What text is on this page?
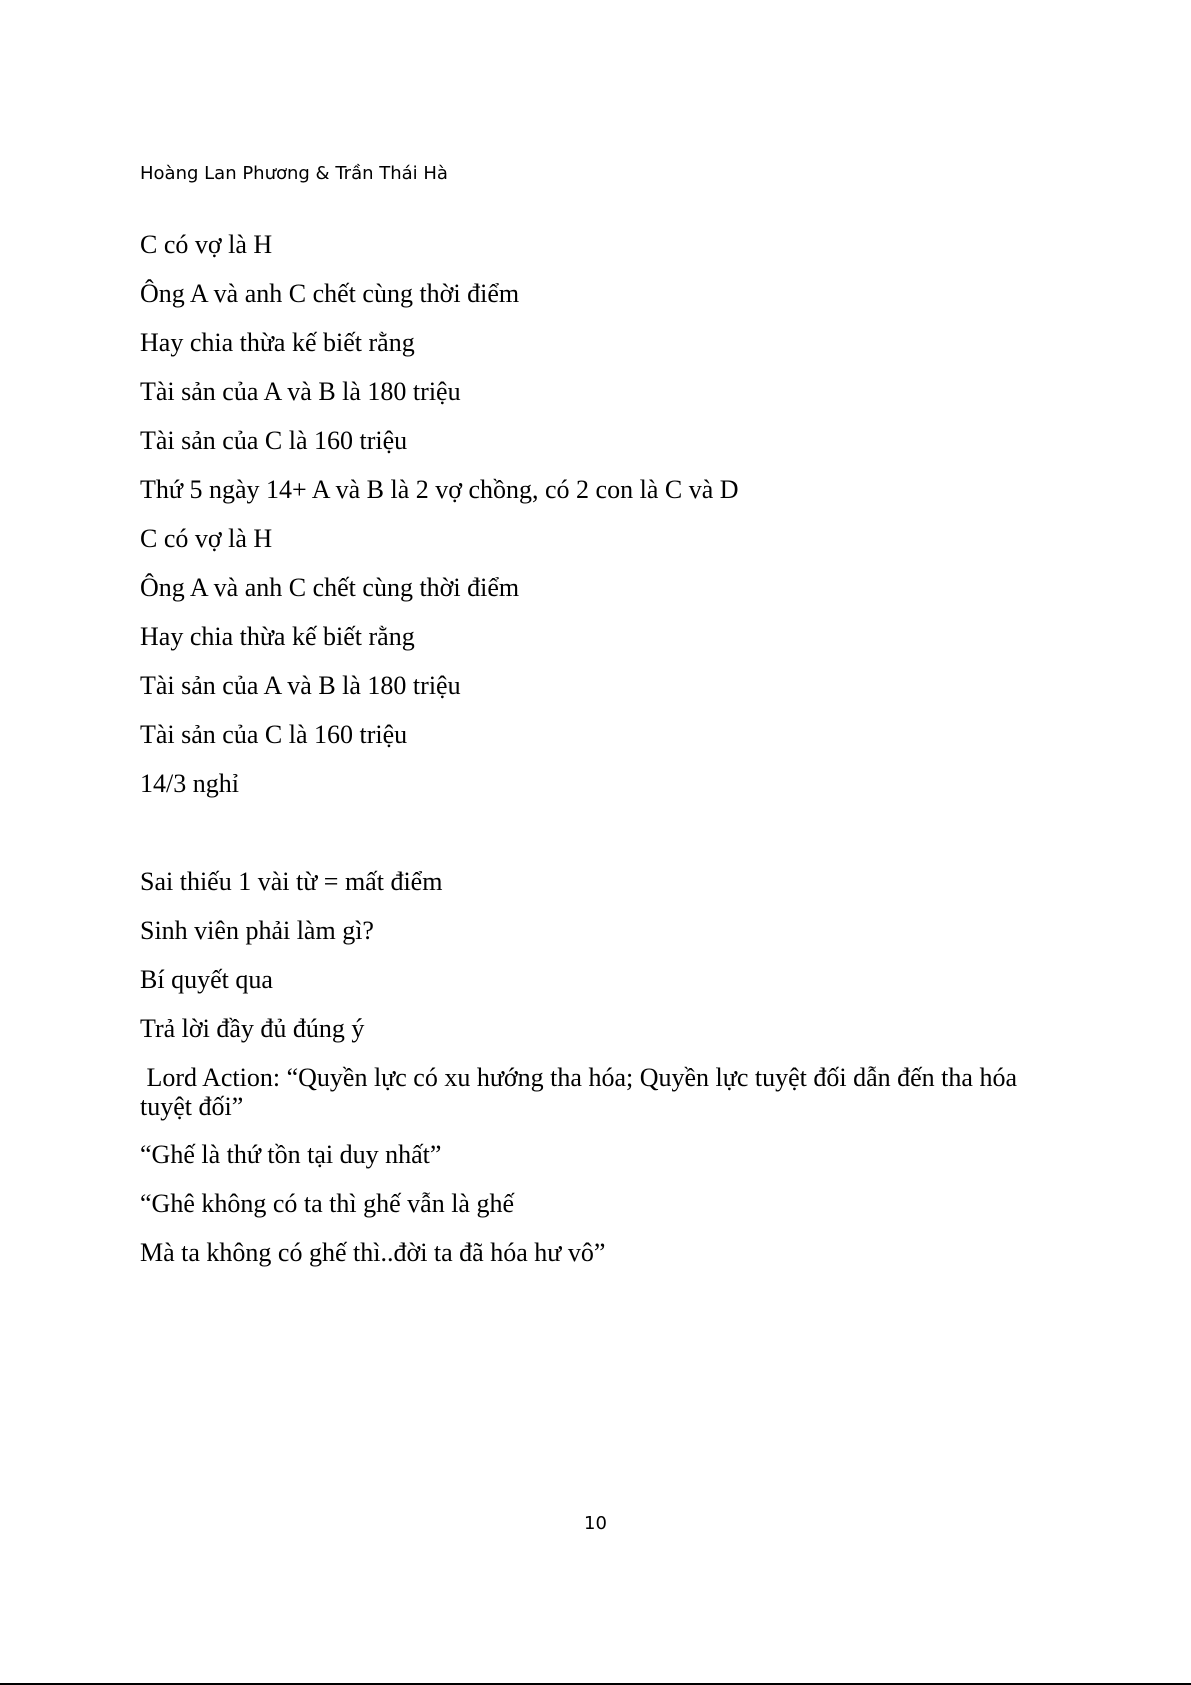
Hoàng Lan Phương & Trần Thái Hà

C có vợ là H

Ông A và anh C chết cùng thời điểm

Hay chia thừa kế biết rằng

Tài sản của A và B là 180 triệu

Tài sản của C là 160 triệu

Thứ 5 ngày 14+ A và B là 2 vợ chồng, có 2 con là C và D

C có vợ là H

Ông A và anh C chết cùng thời điểm

Hay chia thừa kế biết rằng

Tài sản của A và B là 180 triệu

Tài sản của C là 160 triệu

14/3 nghỉ

Sai thiếu 1 vài từ = mất điểm

Sinh viên phải làm gì?

Bí quyết qua

Trả lời đầy đủ đúng ý

Lord Action: “Quyền lực có xu hướng tha hóa; Quyền lực tuyệt đối dẫn đến tha hóa tuyệt đối”

“Ghế là thứ tồn tại duy nhất”

“Ghê không có ta thì ghế vẫn là ghế

Mà ta không có ghế thì..đời ta đã hóa hư vô”

10
